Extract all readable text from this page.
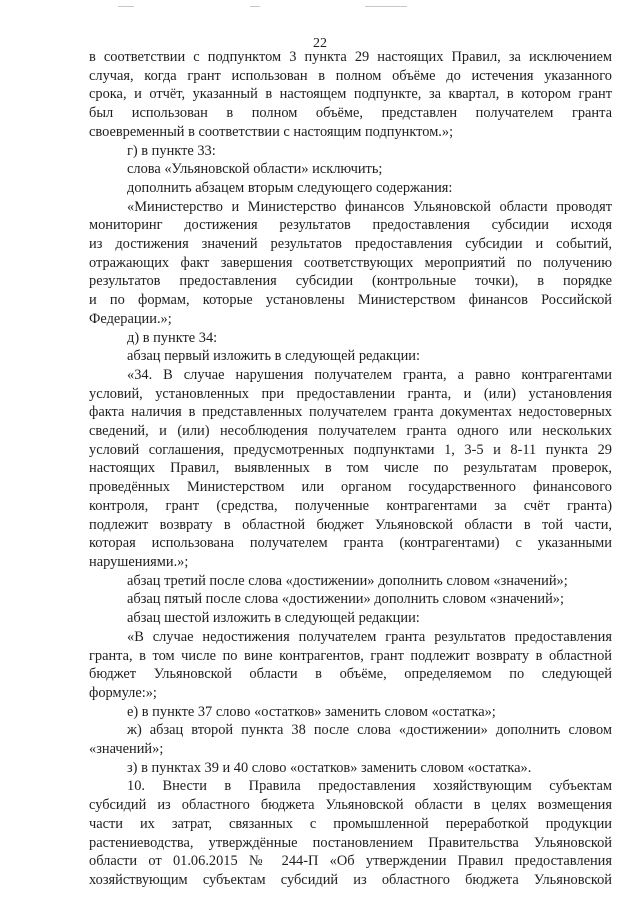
22

в соответствии с подпунктом 3 пункта 29 настоящих Правил, за исключением

случая, когда грант использован в полном объёме до истечения указанного

срока, и отчёт, указанный в настоящем подпункте, за квартал, в котором грант

был использован в полном объёме, представлен получателем гранта

своевременный в соответствии с настоящим подпунктом.»;

г) в пункте 33:

слова «Ульяновской области» исключить;

дополнить абзацем вторым следующего содержания:

«Министерство и Министерство финансов Ульяновской области проводят

мониторинг достижения результатов предоставления субсидии исходя

из достижения значений результатов предоставления субсидии и событий,

отражающих факт завершения соответствующих мероприятий по получению

результатов предоставления субсидии (контрольные точки), в порядке

и по формам, которые установлены Министерством финансов Российской

Федерации.»;

д) в пункте 34:

абзац первый изложить в следующей редакции:

«34. В случае нарушения получателем гранта, а равно контрагентами

условий, установленных при предоставлении гранта, и (или) установления

факта наличия в представленных получателем гранта документах недостоверных

сведений, и (или) несоблюдения получателем гранта одного или нескольких

условий соглашения, предусмотренных подпунктами 1, 3-5 и 8-11 пункта 29

настоящих Правил, выявленных в том числе по результатам проверок,

проведённых Министерством или органом государственного финансового

контроля, грант (средства, полученные контрагентами за счёт гранта)

подлежит возврату в областной бюджет Ульяновской области в той части,

которая использована получателем гранта (контрагентами) с указанными

нарушениями.»;

абзац третий после слова «достижении» дополнить словом «значений»;

абзац пятый после слова «достижении» дополнить словом «значений»;

абзац шестой изложить в следующей редакции:

«В случае недостижения получателем гранта результатов предоставления

гранта, в том числе по вине контрагентов, грант подлежит возврату в областной

бюджет Ульяновской области в объёме, определяемом по следующей

формуле:»;

е) в пункте 37 слово «остатков» заменить словом «остатка»;

ж) абзац второй пункта 38 после слова «достижении» дополнить словом

«значений»;

з) в пунктах 39 и 40 слово «остатков» заменить словом «остатка».

10. Внести в Правила предоставления хозяйствующим субъектам

субсидий из областного бюджета Ульяновской области в целях возмещения

части их затрат, связанных с промышленной переработкой продукции

растениеводства, утверждённые постановлением Правительства Ульяновской

области от 01.06.2015 № 244-П «Об утверждении Правил предоставления

хозяйствующим субъектам субсидий из областного бюджета Ульяновской
